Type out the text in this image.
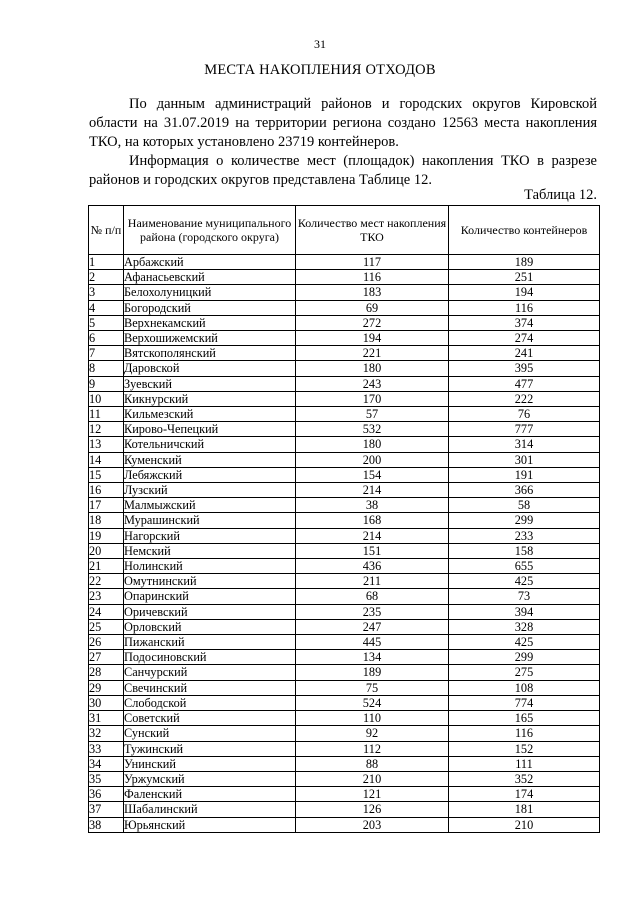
31
МЕСТА НАКОПЛЕНИЯ ОТХОДОВ

По данным администраций районов и городских округов Кировской области на 31.07.2019 на территории региона создано 12563 места накопления ТКО, на которых установлено 23719 контейнеров.

Информация о количестве мест (площадок) накопления ТКО в разрезе районов и городских округов представлена Таблице 12.

Таблица 12.
№ п/п	Наименование муниципального района (городского округа)	Количество мест накопления ТКО	Количество контейнеров
1	Арбажский	117	189
2	Афанасьевский	116	251
3	Белохолуницкий	183	194
4	Богородский	69	116
5	Верхнекамский	272	374
6	Верхошижемский	194	274
7	Вятскополянский	221	241
8	Даровской	180	395
9	Зуевский	243	477
10	Кикнурский	170	222
11	Кильмезский	57	76
12	Кирово-Чепецкий	532	777
13	Котельничский	180	314
14	Куменский	200	301
15	Лебяжский	154	191
16	Лузский	214	366
17	Малмыжский	38	58
18	Мурашинский	168	299
19	Нагорский	214	233
20	Немский	151	158
21	Нолинский	436	655
22	Омутнинский	211	425
23	Опаринский	68	73
24	Оричевский	235	394
25	Орловский	247	328
26	Пижанский	445	425
27	Подосиновский	134	299
28	Санчурский	189	275
29	Свечинский	75	108
30	Слободской	524	774
31	Советский	110	165
32	Сунский	92	116
33	Тужинский	112	152
34	Унинский	88	111
35	Уржумский	210	352
36	Фаленский	121	174
37	Шабалинский	126	181
38	Юрьянский	203	210
